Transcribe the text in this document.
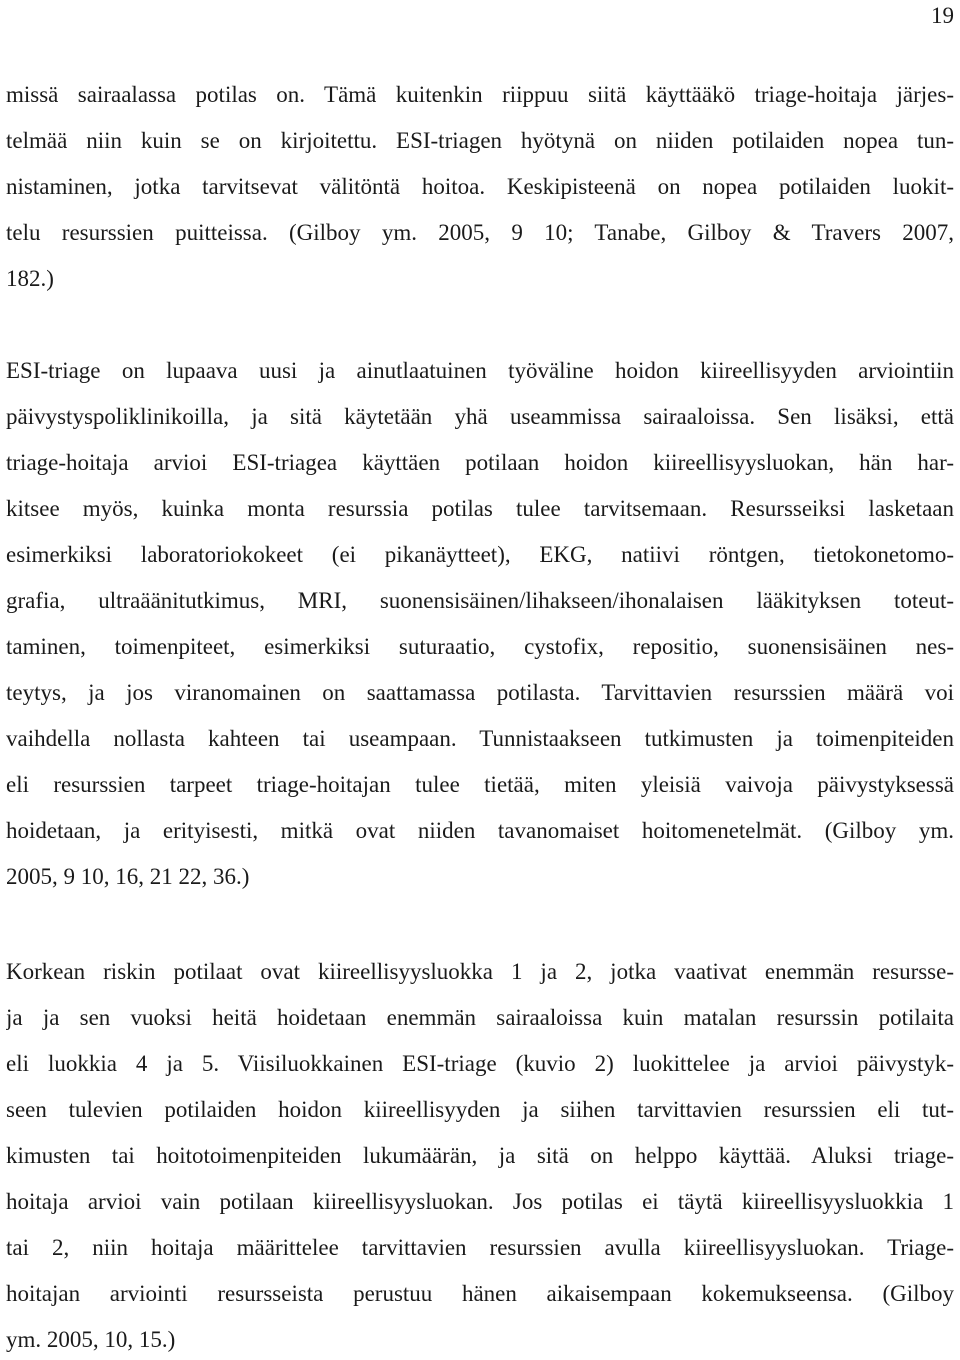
19
missä sairaalassa potilas on. Tämä kuitenkin riippuu siitä käyttääkö triage-hoitaja järjes-
telmää niin kuin se on kirjoitettu. ESI-triagen hyötynä on niiden potilaiden nopea tun-
nistaminen, jotka tarvitsevat välitöntä hoitoa. Keskipisteenä on nopea potilaiden luokit-
telu resurssien puitteissa. (Gilboy ym. 2005, 9 10; Tanabe, Gilboy & Travers 2007,
182.)
ESI-triage on lupaava uusi ja ainutlaatuinen työväline hoidon kiireellisyyden arviointiin
päivystyspoliklinikoilla, ja sitä käytetään yhä useammissa sairaaloissa. Sen lisäksi, että
triage-hoitaja arvioi ESI-triagea käyttäen potilaan hoidon kiireellisyysluokan, hän har-
kitsee myös, kuinka monta resurssia potilas tulee tarvitsemaan. Resursseiksi lasketaan
esimerkiksi laboratoriokokeet (ei pikanäytteet), EKG, natiivi röntgen, tietokonetomo-
grafia, ultraäänitutkimus, MRI, suonensisäinen/lihakseen/ihonalaisen lääkityksen toteut-
taminen, toimenpiteet, esimerkiksi suturaatio, cystofix, repositio, suonensisäinen nes-
teytys, ja jos viranomainen on saattamassa potilasta. Tarvittavien resurssien määrä voi
vaihdella nollasta kahteen tai useampaan. Tunnistaakseen tutkimusten ja toimenpiteiden
eli resurssien tarpeet triage-hoitajan tulee tietää, miten yleisiä vaivoja päivystyksessä
hoidetaan, ja erityisesti, mitkä ovat niiden tavanomaiset hoitomenetelmät. (Gilboy ym.
2005, 9 10, 16, 21 22, 36.)
Korkean riskin potilaat ovat kiireellisyysluokka 1 ja 2, jotka vaativat enemmän resursse-
ja ja sen vuoksi heitä hoidetaan enemmän sairaaloissa kuin matalan resurssin potilaita
eli luokkia 4 ja 5. Viisiluokkainen ESI-triage (kuvio 2) luokittelee ja arvioi päivystyk-
seen tulevien potilaiden hoidon kiireellisyyden ja siihen tarvittavien resurssien eli tut-
kimusten tai hoitotoimenpiteiden lukumäärän, ja sitä on helppo käyttää. Aluksi triage-
hoitaja arvioi vain potilaan kiireellisyysluokan. Jos potilas ei täytä kiireellisyysluokkia 1
tai 2, niin hoitaja määrittelee tarvittavien resurssien avulla kiireellisyysluokan. Triage-
hoitajan arviointi resursseista perustuu hänen aikaisempaan kokemukseensa. (Gilboy
ym. 2005, 10, 15.)
